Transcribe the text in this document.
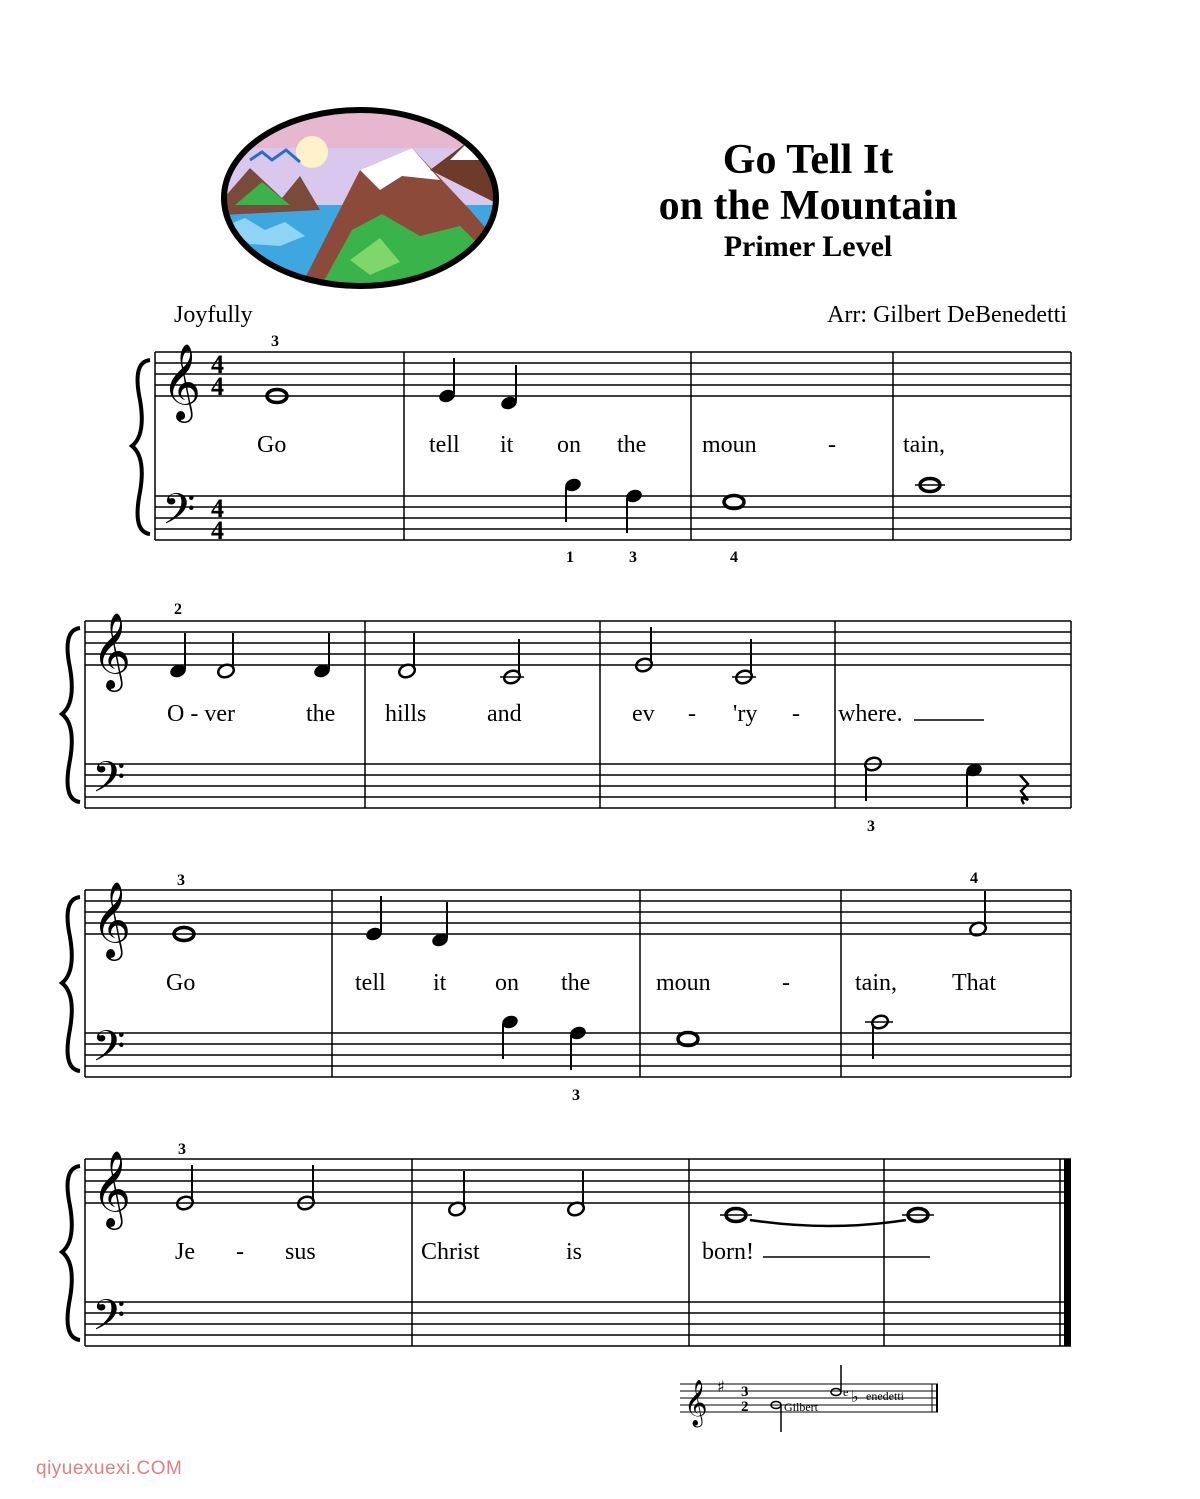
Go Tell It
on the Mountain
Primer Level
Joyfully	Arr: Gilbert DeBenedetti
qiyuexuexi.COM
𝄞
𝄢
4
4
4
4
Go	tell it on the moun	-	tain,
3
1	3	4
𝄞
𝄢
O - ver	the hills	and	ev - 'ry - where.
2
3
𝄞
𝄢
Go	tell it on the	moun	-	tain, That
3	4
3
𝄞
𝄢
Je - sus	Christ	is	born!
3
𝄞 ♯ 3
2	Gilbert
e ♭ enedetti
